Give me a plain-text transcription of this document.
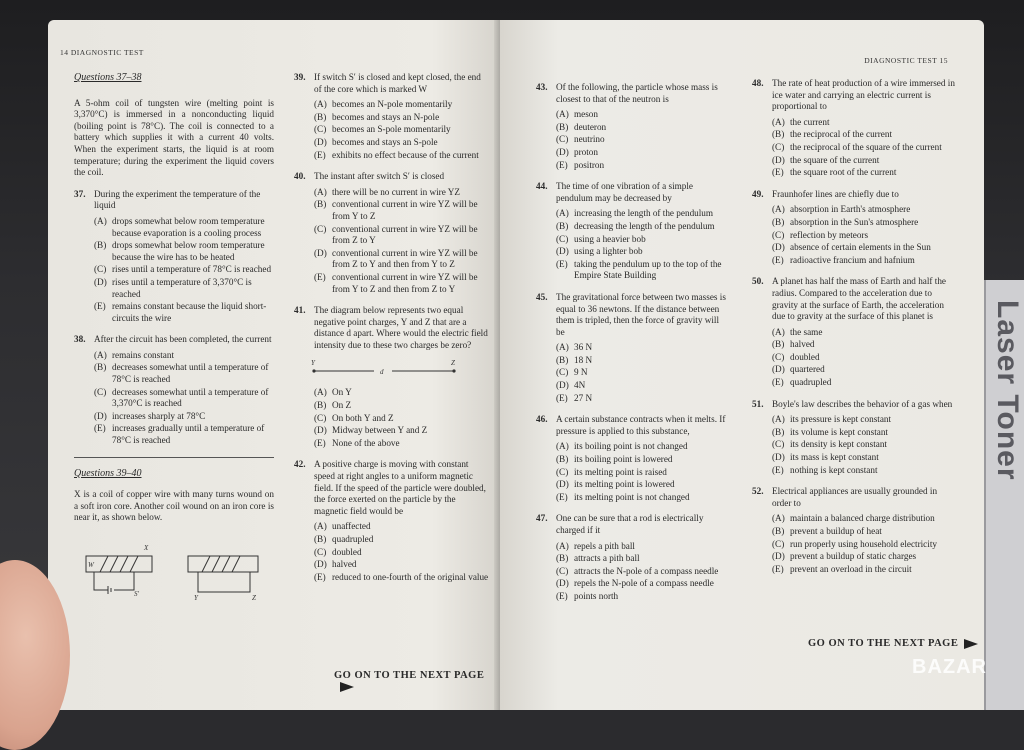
Laser Toner
14 DIAGNOSTIC TEST
Questions 37–38

A 5-ohm coil of tungsten wire (melting point is 3,370°C) is immersed in a nonconducting liquid (boiling point is 78°C). The coil is connected to a battery which supplies it with a current 40 volts. When the experiment starts, the liquid is at room temperature; during the experiment the liquid covers the coil.

37. During the experiment the temperature of the liquid
(A) drops somewhat below room temperature because evaporation is a cooling process
(B) drops somewhat below room temperature because the wire has to be heated
(C) rises until a temperature of 78°C is reached
(D) rises until a temperature of 3,370°C is reached
(E) remains constant because the liquid short-circuits the wire
38. After the circuit has been completed, the current
(A) remains constant
(B) decreases somewhat until a temperature of 78°C is reached
(C) decreases somewhat until a temperature of 3,370°C is reached
(D) increases sharply at 78°C
(E) increases gradually until a temperature of 78°C is reached
Questions 39–40

X is a coil of copper wire with many turns wound on a soft iron core. Another coil wound on an iron core is near it, as shown below.

W
X
S′	Y	Z
39. If switch S′ is closed and kept closed, the end of the core which is marked W
(A) becomes an N-pole momentarily
(B) becomes and stays an N-pole
(C) becomes an S-pole momentarily
(D) becomes and stays an S-pole
(E) exhibits no effect because of the current
40. The instant after switch S′ is closed
(A) there will be no current in wire YZ
(B) conventional current in wire YZ will be from Y to Z
(C) conventional current in wire YZ will be from Z to Y
(D) conventional current in wire YZ will be from Z to Y and then from Y to Z
(E) conventional current in wire YZ will be from Y to Z and then from Z to Y
41. The diagram below represents two equal negative point charges, Y and Z that are a distance d apart. Where would the electric field intensity due to these two charges be zero?
Y
d
Z
(A) On Y
(B) On Z
(C) On both Y and Z
(D) Midway between Y and Z
(E) None of the above
42. A positive charge is moving with constant speed at right angles to a uniform magnetic field. If the speed of the particle were doubled, the force exerted on the particle by the magnetic field would be
(A) unaffected
(B) quadrupled
(C) doubled
(D) halved
(E) reduced to one-fourth of the original value
GO ON TO THE NEXT PAGE
DIAGNOSTIC TEST 15
43. Of the following, the particle whose mass is closest to that of the neutron is
(A) meson
(B) deuteron
(C) neutrino
(D) proton
(E) positron
44. The time of one vibration of a simple pendulum may be decreased by
(A) increasing the length of the pendulum
(B) decreasing the length of the pendulum
(C) using a heavier bob
(D) using a lighter bob
(E) taking the pendulum up to the top of the Empire State Building
45. The gravitational force between two masses is equal to 36 newtons. If the distance between them is tripled, then the force of gravity will be
(A) 36 N
(B) 18 N
(C) 9 N
(D) 4N
(E) 27 N
46. A certain substance contracts when it melts. If pressure is applied to this substance,
(A) its boiling point is not changed
(B) its boiling point is lowered
(C) its melting point is raised
(D) its melting point is lowered
(E) its melting point is not changed
47. One can be sure that a rod is electrically charged if it
(A) repels a pith ball
(B) attracts a pith ball
(C) attracts the N-pole of a compass needle
(D) repels the N-pole of a compass needle
(E) points north
48. The rate of heat production of a wire immersed in ice water and carrying an electric current is proportional to
(A) the current
(B) the reciprocal of the current
(C) the reciprocal of the square of the current
(D) the square of the current
(E) the square root of the current
49. Fraunhofer lines are chiefly due to
(A) absorption in Earth's atmosphere
(B) absorption in the Sun's atmosphere
(C) reflection by meteors
(D) absence of certain elements in the Sun
(E) radioactive francium and hafnium
50. A planet has half the mass of Earth and half the radius. Compared to the acceleration due to gravity at the surface of Earth, the acceleration due to gravity at the surface of this planet is
(A) the same
(B) halved
(C) doubled
(D) quartered
(E) quadrupled
51. Boyle's law describes the behavior of a gas when
(A) its pressure is kept constant
(B) its volume is kept constant
(C) its density is kept constant
(D) its mass is kept constant
(E) nothing is kept constant
52. Electrical appliances are usually grounded in order to
(A) maintain a balanced charge distribution
(B) prevent a buildup of heat
(C) run properly using household electricity
(D) prevent a buildup of static charges
(E) prevent an overload in the circuit
GO ON TO THE NEXT PAGE
BAZAR
